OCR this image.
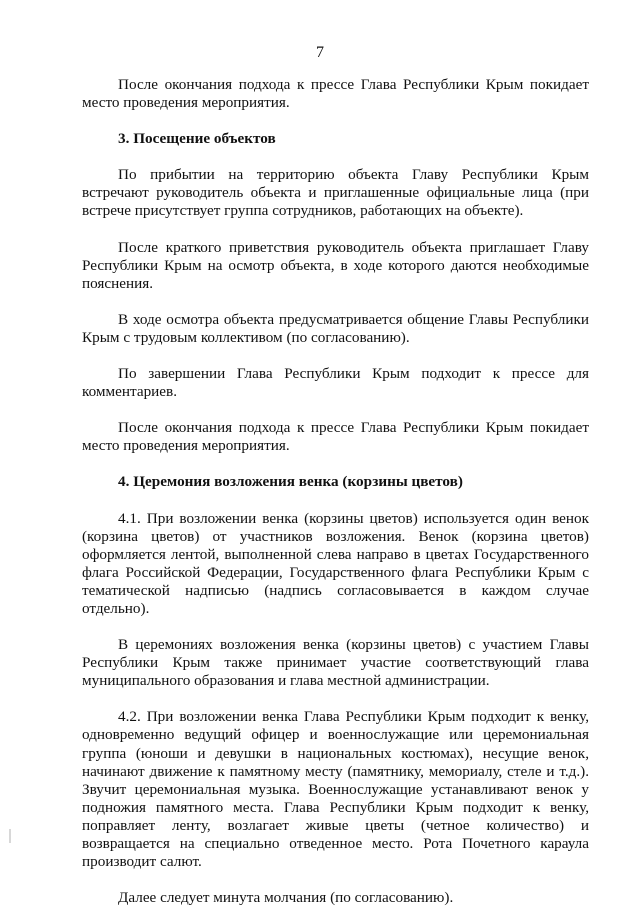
7

После окончания подхода к прессе Глава Республики Крым покидает место проведения мероприятия.

3. Посещение объектов

По прибытии на территорию объекта Главу Республики Крым встречают руководитель объекта и приглашенные официальные лица (при встрече присутствует группа сотрудников, работающих на объекте).

После краткого приветствия руководитель объекта приглашает Главу Республики Крым на осмотр объекта, в ходе которого даются необходимые пояснения.

В ходе осмотра объекта предусматривается общение Главы Республики Крым с трудовым коллективом (по согласованию).

По завершении Глава Республики Крым подходит к прессе для комментариев.

После окончания подхода к прессе Глава Республики Крым покидает место проведения мероприятия.

4. Церемония возложения венка (корзины цветов)

4.1. При возложении венка (корзины цветов) используется один венок (корзина цветов) от участников возложения. Венок (корзина цветов) оформляется лентой, выполненной слева направо в цветах Государственного флага Российской Федерации, Государственного флага Республики Крым с тематической надписью (надпись согласовывается в каждом случае отдельно).

В церемониях возложения венка (корзины цветов) с участием Главы Республики Крым также принимает участие соответствующий глава муниципального образования и глава местной администрации.

4.2. При возложении венка Глава Республики Крым подходит к венку, одновременно ведущий офицер и военнослужащие или церемониальная группа (юноши и девушки в национальных костюмах), несущие венок, начинают движение к памятному месту (памятнику, мемориалу, стеле и т.д.). Звучит церемониальная музыка. Военнослужащие устанавливают венок у подножия памятного места. Глава Республики Крым подходит к венку, поправляет ленту, возлагает живые цветы (четное количество) и возвращается на специально отведенное место. Рота Почетного караула производит салют.

Далее следует минута молчания (по согласованию).
